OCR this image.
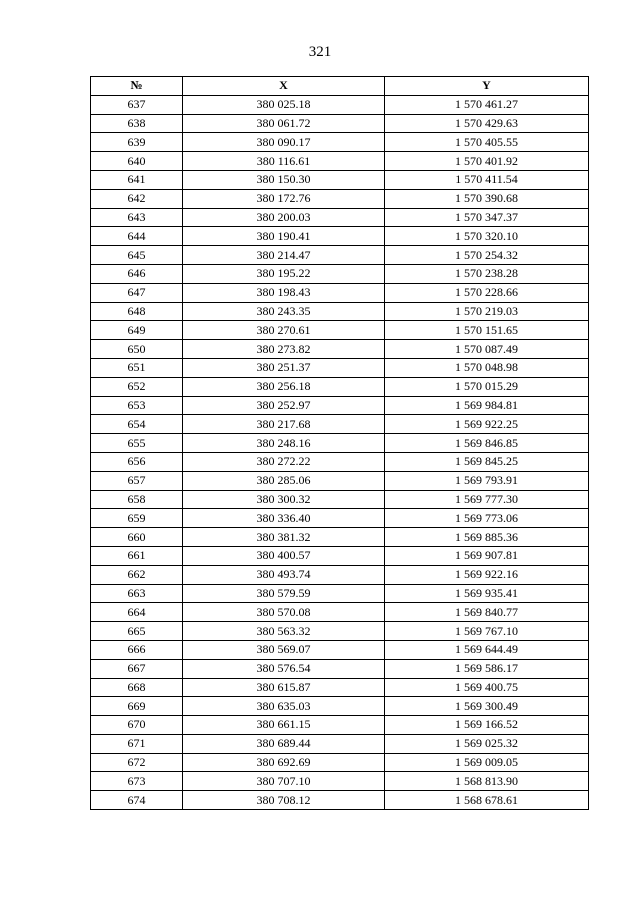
321
№	X	Y
637	380 025.18	1 570 461.27
638	380 061.72	1 570 429.63
639	380 090.17	1 570 405.55
640	380 116.61	1 570 401.92
641	380 150.30	1 570 411.54
642	380 172.76	1 570 390.68
643	380 200.03	1 570 347.37
644	380 190.41	1 570 320.10
645	380 214.47	1 570 254.32
646	380 195.22	1 570 238.28
647	380 198.43	1 570 228.66
648	380 243.35	1 570 219.03
649	380 270.61	1 570 151.65
650	380 273.82	1 570 087.49
651	380 251.37	1 570 048.98
652	380 256.18	1 570 015.29
653	380 252.97	1 569 984.81
654	380 217.68	1 569 922.25
655	380 248.16	1 569 846.85
656	380 272.22	1 569 845.25
657	380 285.06	1 569 793.91
658	380 300.32	1 569 777.30
659	380 336.40	1 569 773.06
660	380 381.32	1 569 885.36
661	380 400.57	1 569 907.81
662	380 493.74	1 569 922.16
663	380 579.59	1 569 935.41
664	380 570.08	1 569 840.77
665	380 563.32	1 569 767.10
666	380 569.07	1 569 644.49
667	380 576.54	1 569 586.17
668	380 615.87	1 569 400.75
669	380 635.03	1 569 300.49
670	380 661.15	1 569 166.52
671	380 689.44	1 569 025.32
672	380 692.69	1 569 009.05
673	380 707.10	1 568 813.90
674	380 708.12	1 568 678.61
